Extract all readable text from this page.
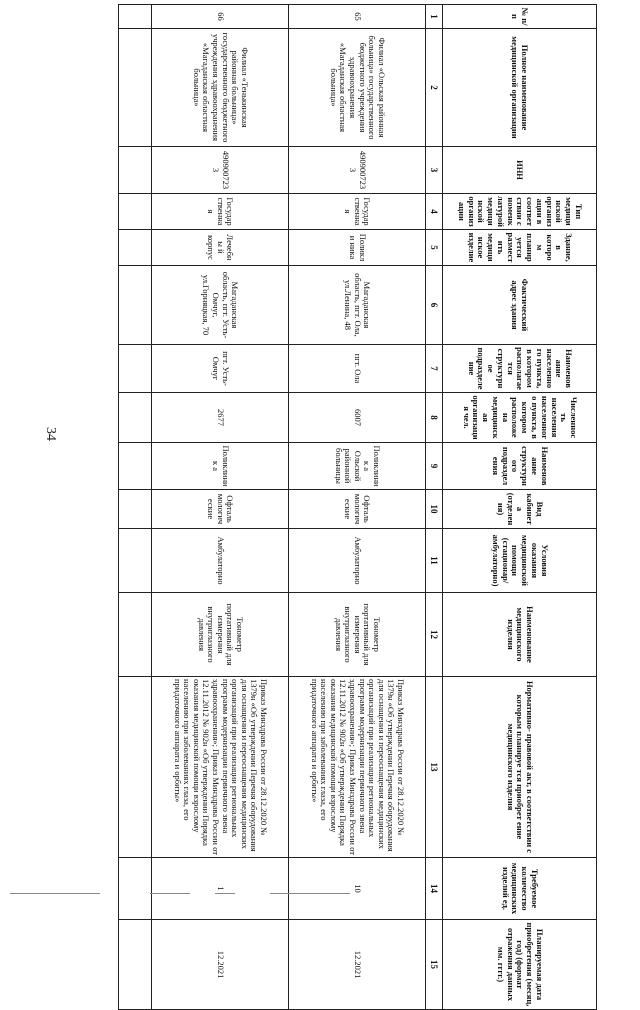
34
№ п/п	Полное наименование медицинской организации	ИНН	Тип медицинской организации в соответствии с номенклатурой медицинской организации	Здание, в котором планируется разместить медицинское изделие	Фактический адрес здания	Наименование населенного пункта, в котором располагается структурное подразделение	Численность населения населенного пункта, в котором расположена медицинская организация чел.	Наименование структурного подразделения	Вид кабинета (отделения)	Условия оказания медицинской помощи (стационар/амбулаторно)	Наименование медицинского изделия	Нормативно- правовой акт, в соответствии с которым планируе тся приобрет ение медицинского изделия	Требуемое количество медицинских изделий ед.	Планируемая дата приобретения (месяц, год) (формат отражения данных мм. гггг.)
1	2	3	4	5	6	7	8	9	10	11	12	13	14	15
65	Филиал «Ольская районная больница» государственного бюджетного учреждения здравоохранения «Магаданская областная больница»	4909007233	Государ ственная	Поликли ника	Магаданская область, пгт. Ола, ул.Ленина, 48	пгт. Ола	6007	Поликлиник а Ольской районной больницы	Офталь мологич еские	Амбулаторно	Тонометр портативный для измерения внутриглазного давления	Приказ Минздрава России от 28.12.2020 № 1379н «Об утверждении Перечня оборудования для оснащения и переоснащения медицинских организаций при реализации региональных программ модернизации первичного звена здравоохранения»; Приказ Минздрава России от 12.11.2012 № 902н «Об утверждении Порядка оказания медицинской помощи взрослому населению при заболеваниях глаза, его придаточного аппарата и орбиты»	10	12.2021
66	Филиал «Тенькинская районная больница» государственного бюджетного учреждения здравоохранения «Магаданская областная больница»	4909007233	Государ ственная	Лечебны й корпус	Магаданская область, пгт. Усть-Омчуг, ул.Горняцкая, 70	пгт. Усть-Омчуг	2677	Поликлиник а	Офталь мологич еские	Амбулаторно	Тонометр портативный для измерения внутриглазного давления	Приказ Минздрава России от 28.12.2020 № 1379н «Об утверждении Перечня оборудования для оснащения и переоснащения медицинских организаций при реализации региональных программ модернизации первичного звена здравоохранения»; Приказ Минздрава России от 12.11.2012 № 902н «Об утверждении Порядка оказания медицинской помощи взрослому населению при заболеваниях глаза, его придаточного аппарата и орбиты»	1	12.2021
